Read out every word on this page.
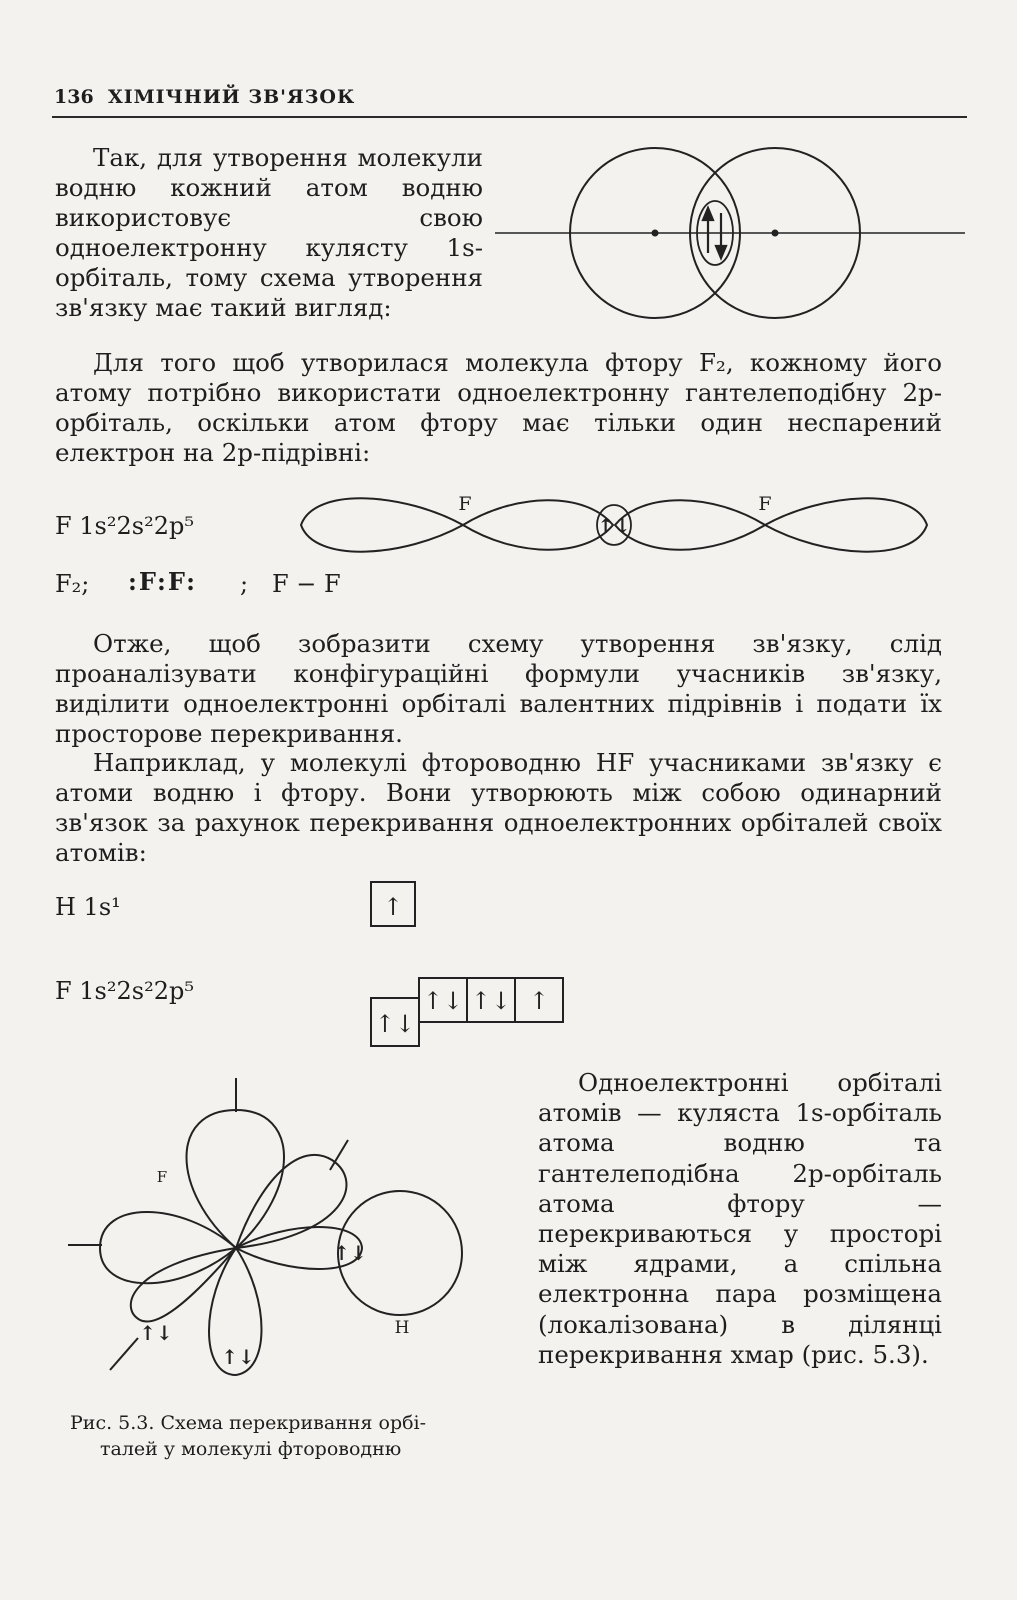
136 ХІМІЧНИЙ ЗВ'ЯЗОК
Так, для утворення молекули водню кожний атом водню використовує свою одноелектронну кулясту 1s-орбіталь, тому схема утворення зв'язку має такий вигляд:
Для того щоб утворилася молекула фтору F₂, кожному його атому потрібно використати одноелектронну гантелеподібну 2p-орбіталь, оскільки атом фтору має тільки один неспарений електрон на 2p-підрівні:
F 1s²2s²2p⁵
F₂; :F:F: ; F − F
F	F
↑↓
Отже, щоб зобразити схему утворення зв'язку, слід проаналізувати конфігураційні формули учасників зв'язку, виділити одноелектронні орбіталі валентних підрівнів і подати їх просторове перекривання.
Наприклад, у молекулі фтороводню HF учасниками зв'язку є атоми водню і фтору. Вони утворюють між собою одинарний зв'язок за рахунок перекривання одноелектронних орбіталей своїх атомів:
H 1s¹
F 1s²2s²2p⁵
↑
↑↓
↑↓ ↑↓ ↑
↑↓
↑↓
↑↓
F
H
Рис. 5.3. Схема перекривання орбі-
талей у молекулі фтороводню
Одноелектронні орбіталі атомів — куляста 1s-орбіталь атома водню та гантелеподібна 2p-орбіталь атома фтору — перекриваються у просторі між ядрами, а спільна електронна пара розміщена (локалізована) в ділянці перекривання хмар (рис. 5.3).
